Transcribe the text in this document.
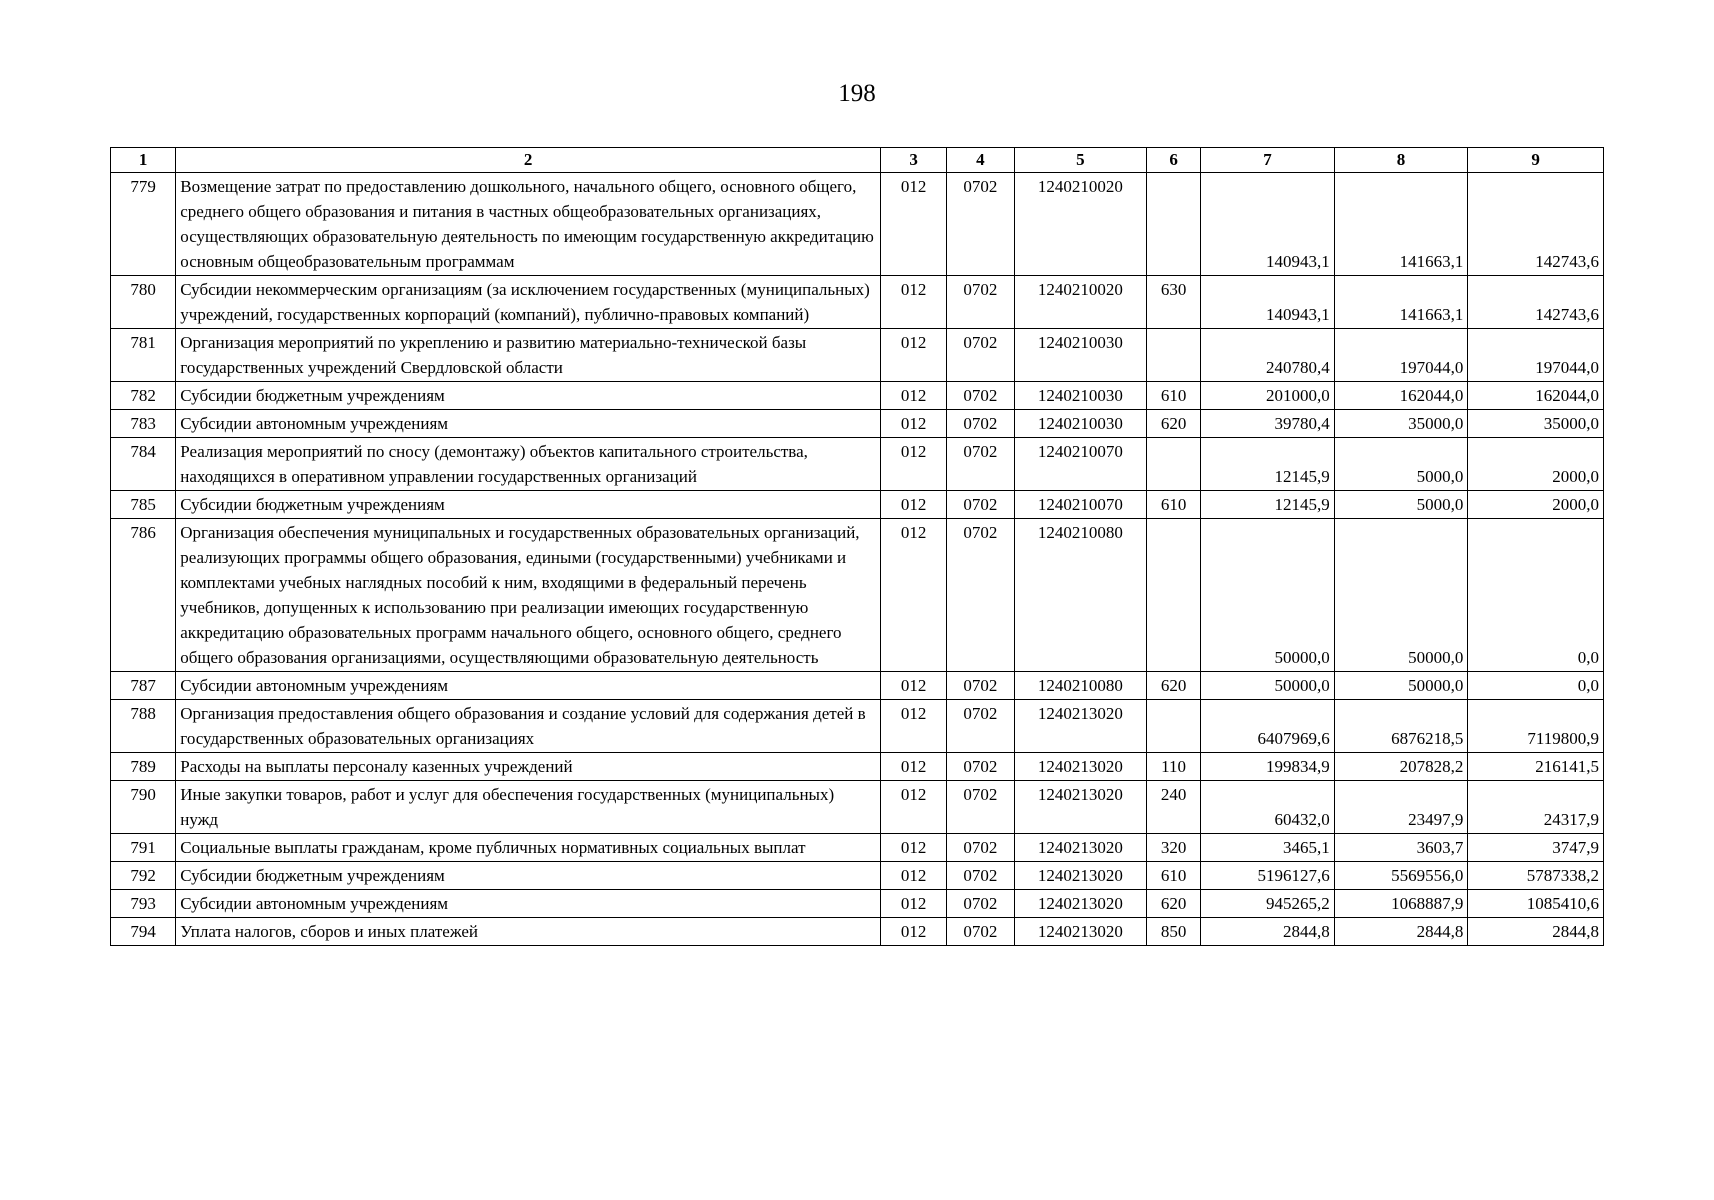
198
1	2	3	4	5	6	7	8	9
779	Возмещение затрат по предоставлению дошкольного, начального общего, основного общего, среднего общего образования и питания в частных общеобразовательных организациях, осуществляющих образовательную деятельность по имеющим государственную аккредитацию основным общеобразовательным программам	012	0702	1240210020		140943,1	141663,1	142743,6
780	Субсидии некоммерческим организациям (за исключением государственных (муниципальных) учреждений, государственных корпораций (компаний), публично-правовых компаний)	012	0702	1240210020	630	140943,1	141663,1	142743,6
781	Организация мероприятий по укреплению и развитию материально-технической базы государственных учреждений Свердловской области	012	0702	1240210030		240780,4	197044,0	197044,0
782	Субсидии бюджетным учреждениям	012	0702	1240210030	610	201000,0	162044,0	162044,0
783	Субсидии автономным учреждениям	012	0702	1240210030	620	39780,4	35000,0	35000,0
784	Реализация мероприятий по сносу (демонтажу) объектов капитального строительства, находящихся в оперативном управлении государственных организаций	012	0702	1240210070		12145,9	5000,0	2000,0
785	Субсидии бюджетным учреждениям	012	0702	1240210070	610	12145,9	5000,0	2000,0
786	Организация обеспечения муниципальных и государственных образовательных организаций, реализующих программы общего образования, едиными (государственными) учебниками и комплектами учебных наглядных пособий к ним, входящими в федеральный перечень учебников, допущенных к использованию при реализации имеющих государственную аккредитацию образовательных программ начального общего, основного общего, среднего общего образования организациями, осуществляющими образовательную деятельность	012	0702	1240210080		50000,0	50000,0	0,0
787	Субсидии автономным учреждениям	012	0702	1240210080	620	50000,0	50000,0	0,0
788	Организация предоставления общего образования и создание условий для содержания детей в государственных образовательных организациях	012	0702	1240213020		6407969,6	6876218,5	7119800,9
789	Расходы на выплаты персоналу казенных учреждений	012	0702	1240213020	110	199834,9	207828,2	216141,5
790	Иные закупки товаров, работ и услуг для обеспечения государственных (муниципальных) нужд	012	0702	1240213020	240	60432,0	23497,9	24317,9
791	Социальные выплаты гражданам, кроме публичных нормативных социальных выплат	012	0702	1240213020	320	3465,1	3603,7	3747,9
792	Субсидии бюджетным учреждениям	012	0702	1240213020	610	5196127,6	5569556,0	5787338,2
793	Субсидии автономным учреждениям	012	0702	1240213020	620	945265,2	1068887,9	1085410,6
794	Уплата налогов, сборов и иных платежей	012	0702	1240213020	850	2844,8	2844,8	2844,8
